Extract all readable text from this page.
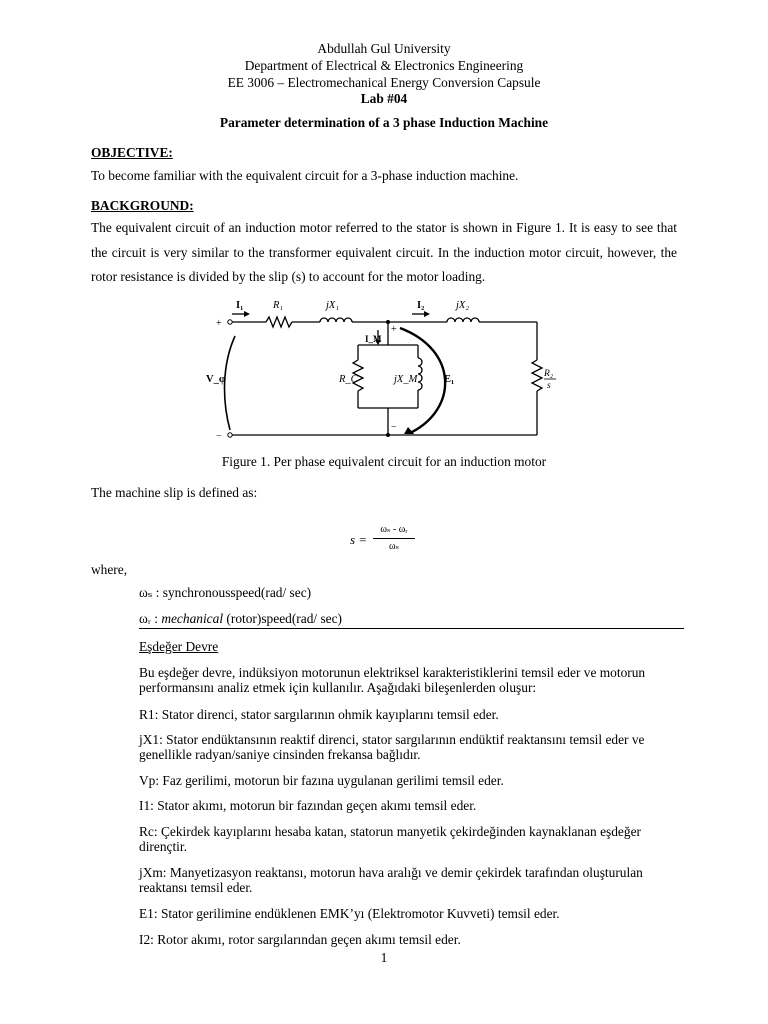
Abdullah Gul University
Department of Electrical & Electronics Engineering
EE 3006 – Electromechanical Energy Conversion Capsule
Lab #04
Parameter determination of a 3 phase Induction Machine
OBJECTIVE:
To become familiar with the equivalent circuit for a 3-phase induction machine.
BACKGROUND:
The equivalent circuit of an induction motor referred to the stator is shown in Figure 1. It is easy to see that the circuit is very similar to the transformer equivalent circuit. In the induction motor circuit, however, the rotor resistance is divided by the slip (s) to account for the motor loading.
I₁	R₁	jX₁	I₂	jX₂
I_M
R_C	jX_M	E₁
V_φ	R₂
s
+
−
+
−
Figure 1. Per phase equivalent circuit for an induction motor
The machine slip is defined as:
s =
ωₛ - ωᵣ
ωₛ
where,
ωₛ : synchronousspeed(rad/ sec)
ωᵣ : mechanical (rotor)speed(rad/ sec)
Eşdeğer Devre
Bu eşdeğer devre, indüksiyon motorunun elektriksel karakteristiklerini temsil eder ve motorun performansını analiz etmek için kullanılır. Aşağıdaki bileşenlerden oluşur:
R1: Stator direnci, stator sargılarının ohmik kayıplarını temsil eder.
jX1: Stator endüktansının reaktif direnci, stator sargılarının endüktif reaktansını temsil eder ve genellikle radyan/saniye cinsinden frekansa bağlıdır.
Vp: Faz gerilimi, motorun bir fazına uygulanan gerilimi temsil eder.
I1: Stator akımı, motorun bir fazından geçen akımı temsil eder.
Rc: Çekirdek kayıplarını hesaba katan, statorun manyetik çekirdeğinden kaynaklanan eşdeğer dirençtir.
jXm: Manyetizasyon reaktansı, motorun hava aralığı ve demir çekirdek tarafından oluşturulan reaktansı temsil eder.
E1: Stator gerilimine endüklenen EMK’yı (Elektromotor Kuvveti) temsil eder.
I2: Rotor akımı, rotor sargılarından geçen akımı temsil eder.
1
